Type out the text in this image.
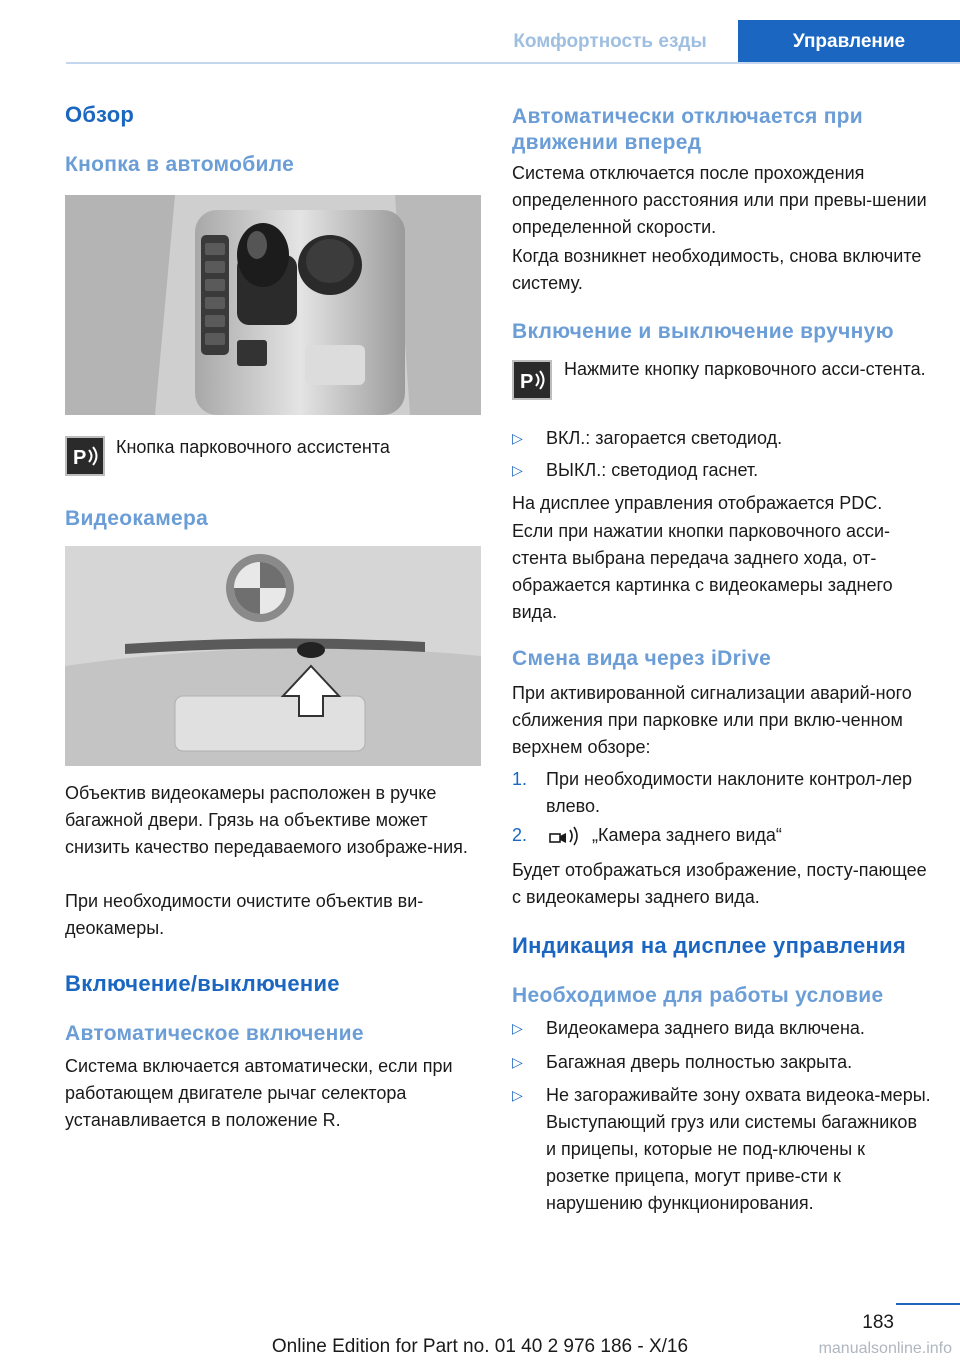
Комфортность езды	Управление
Обзор
Кнопка в автомобиле
P Кнопка парковочного ассистента

Видеокамера

Объектив видеокамеры расположен в ручке багажной двери. Грязь на объективе может снизить качество передаваемого изображе‐ния.

При необходимости очистите объектив ви‐деокамеры.

Включение/выключение
Автоматическое включение

Система включается автоматически, если при работающем двигателе рычаг селектора устанавливается в положение R.

Автоматически отключается при движении вперед

Система отключается после прохождения определенного расстояния или при превы‐шении определенной скорости.

Когда возникнет необходимость, снова включите систему.

Включение и выключение вручную
P

Нажмите кнопку парковочного асси‐стента.

▷ ВКЛ.: загорается светодиод.
▷ ВЫКЛ.: светодиод гаснет.

На дисплее управления отображается PDC.

Если при нажатии кнопки парковочного асси‐стента выбрана передача заднего хода, от‐ображается картинка с видеокамеры заднего вида.

Смена вида через iDrive

При активированной сигнализации аварий‐ного сближения при парковке или при вклю‐ченном верхнем обзоре:

1. При необходимости наклоните контрол‐лер влево.
2.	„Камера заднего вида“

Будет отображаться изображение, посту‐пающее с видеокамеры заднего вида.

Индикация на дисплее управления
Необходимое для работы условие
▷ Видеокамера заднего вида включена.
▷ Багажная дверь полностью закрыта.
▷ Не загораживайте зону охвата видеока‐меры. Выступающий груз или системы багажников и прицепы, которые не под‐ключены к розетке прицепа, могут приве‐сти к нарушению функционирования.
183
Online Edition for Part no. 01 40 2 976 186 - X/16	manualsonline.info
